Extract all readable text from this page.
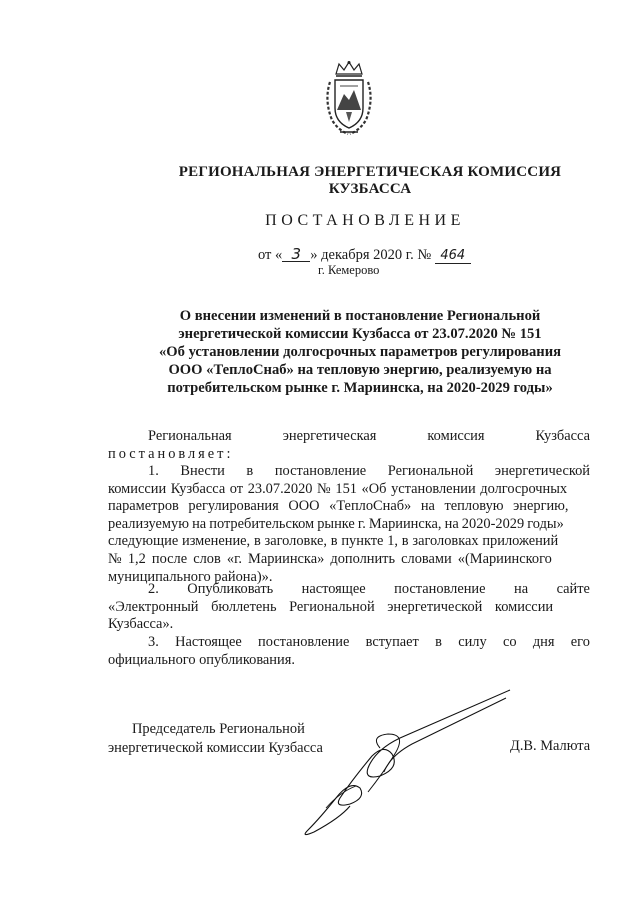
РЕГИОНАЛЬНАЯ ЭНЕРГЕТИЧЕСКАЯ КОМИССИЯ
КУЗБАССА
ПОСТАНОВЛЕНИЕ
от « 3 » декабря 2020 г. № 464
г. Кемерово
О внесении изменений в постановление Региональной
энергетической комиссии Кузбасса от 23.07.2020 № 151
«Об установлении долгосрочных параметров регулирования
ООО «ТеплоСнаб» на тепловую энергию, реализуемую на
потребительском рынке г. Мариинска, на 2020-2029 годы»
Региональная	энергетическая	комиссия	Кузбасса
постановляет:
1. Внести в постановление Региональной энергетической
комиссии Кузбасса от 23.07.2020 № 151 «Об установлении долгосрочных
параметров регулирования ООО «ТеплоСнаб» на тепловую энергию,
реализуемую на потребительском рынке г. Мариинска, на 2020-2029 годы»
следующие изменение, в заголовке, в пункте 1, в заголовках приложений
№ 1,2 после слов «г. Мариинска» дополнить словами «(Мариинского
муниципального района)».
2. Опубликовать настоящее постановление на сайте
«Электронный бюллетень Региональной энергетической комиссии
Кузбасса».
3. Настоящее постановление вступает в силу со дня его
официального опубликования.
Председатель Региональной
энергетической комиссии Кузбасса	Д.В. Малюта
